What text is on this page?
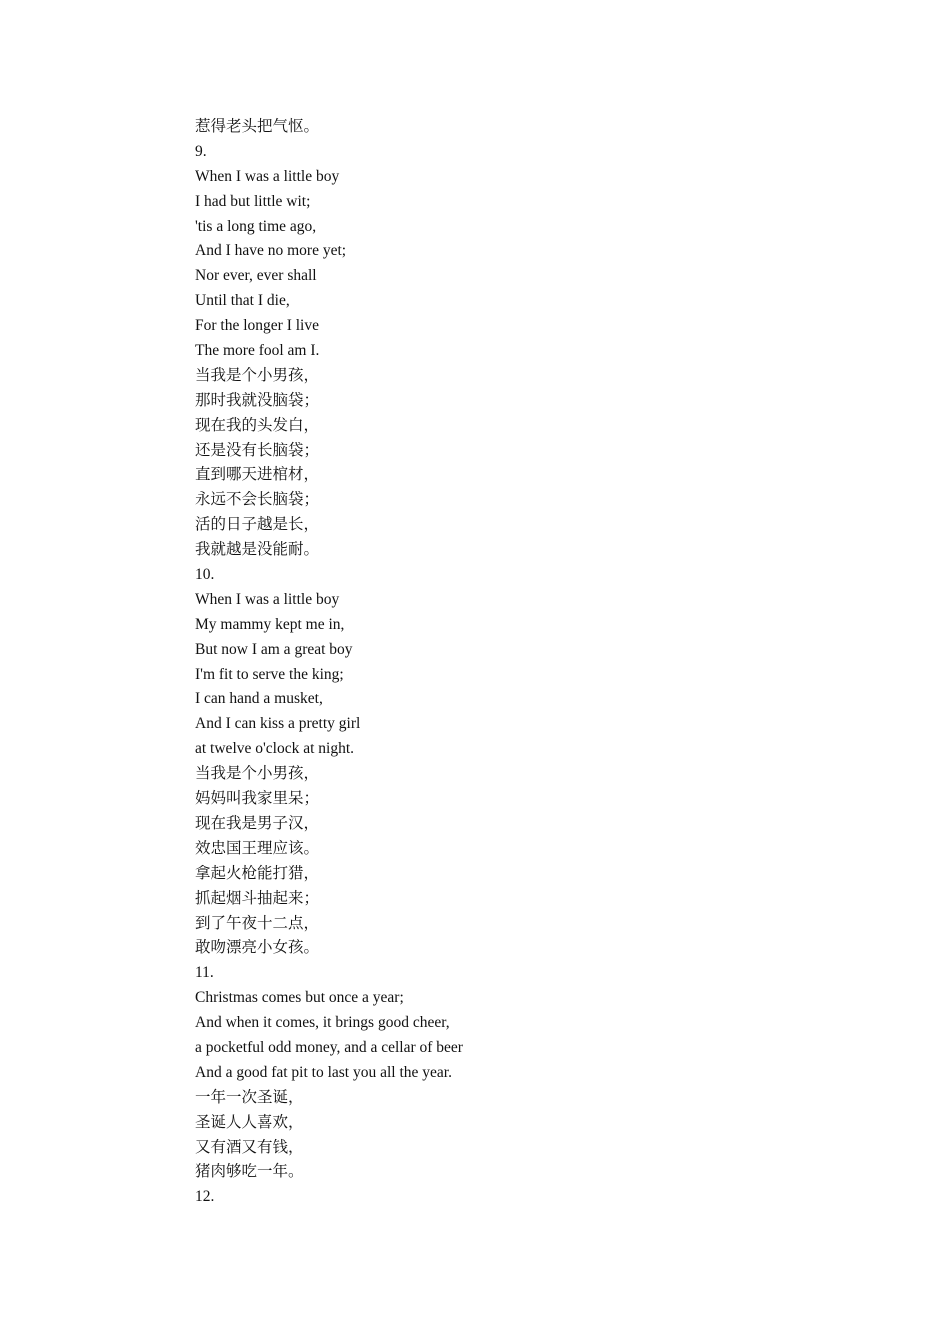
惹得老头把气怄。
9.
When I was a little boy
I had but little wit;
'tis a long time ago,
And I have no more yet;
Nor ever, ever shall
Until that I die,
For the longer I live
The more fool am I.
当我是个小男孩，
那时我就没脑袋；
现在我的头发白，
还是没有长脑袋；
直到哪天进棺材，
永远不会长脑袋；
活的日子越是长，
我就越是没能耐。
10.
When I was a little boy
My mammy kept me in,
But now I am a great boy
I'm fit to serve the king;
I can hand a musket,
And I can kiss a pretty girl
at twelve o'clock at night.
当我是个小男孩，
妈妈叫我家里呆；
现在我是男子汉，
效忠国王理应该。
拿起火枪能打猎，
抓起烟斗抽起来；
到了午夜十二点，
敢吻漂亮小女孩。
11.
Christmas comes but once a year;
And when it comes, it brings good cheer,
a pocketful odd money, and a cellar of beer
And a good fat pit to last you all the year.
一年一次圣诞，
圣诞人人喜欢，
又有酒又有钱，
猪肉够吃一年。
12.
